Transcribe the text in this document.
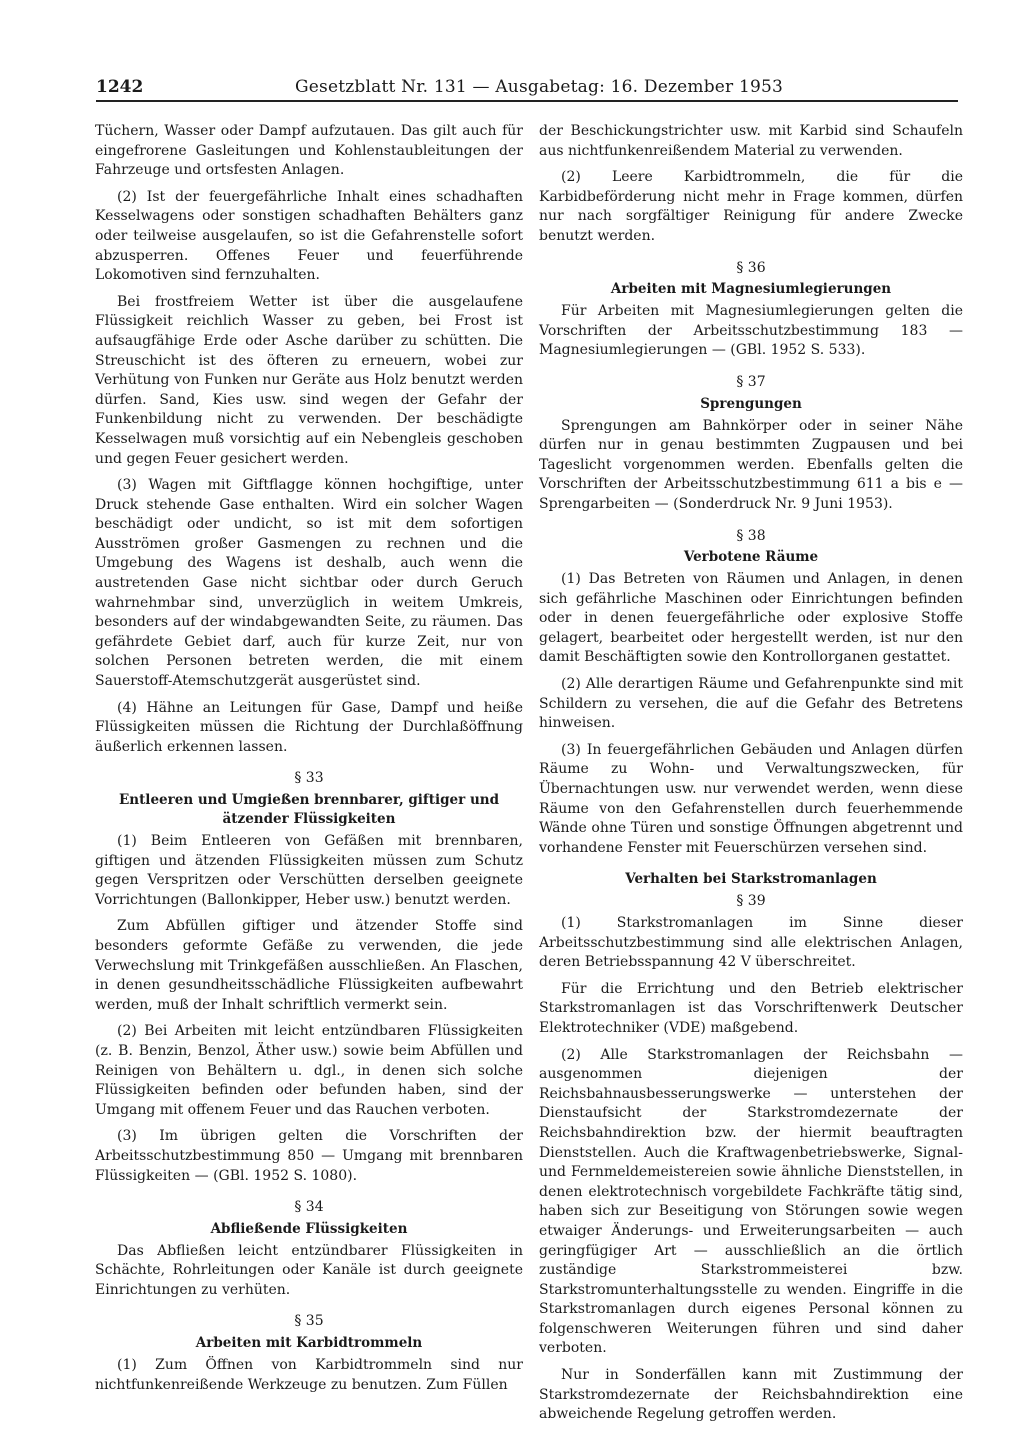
1242	Gesetzblatt Nr. 131 — Ausgabetag: 16. Dezember 1953

Tüchern, Wasser oder Dampf aufzutauen. Das gilt auch für eingefrorene Gasleitungen und Kohlenstaubleitungen der Fahrzeuge und ortsfesten Anlagen.

(2) Ist der feuergefährliche Inhalt eines schadhaften Kesselwagens oder sonstigen schadhaften Behälters ganz oder teilweise ausgelaufen, so ist die Gefahrenstelle sofort abzusperren. Offenes Feuer und feuerführende Lokomotiven sind fernzuhalten.

Bei frostfreiem Wetter ist über die ausgelaufene Flüssigkeit reichlich Wasser zu geben, bei Frost ist aufsaugfähige Erde oder Asche darüber zu schütten. Die Streuschicht ist des öfteren zu erneuern, wobei zur Verhütung von Funken nur Geräte aus Holz benutzt werden dürfen. Sand, Kies usw. sind wegen der Gefahr der Funkenbildung nicht zu verwenden. Der beschädigte Kesselwagen muß vorsichtig auf ein Nebengleis geschoben und gegen Feuer gesichert werden.

(3) Wagen mit Giftflagge können hochgiftige, unter Druck stehende Gase enthalten. Wird ein solcher Wagen beschädigt oder undicht, so ist mit dem sofortigen Ausströmen großer Gasmengen zu rechnen und die Umgebung des Wagens ist deshalb, auch wenn die austretenden Gase nicht sichtbar oder durch Geruch wahrnehmbar sind, unverzüglich in weitem Umkreis, besonders auf der windabgewandten Seite, zu räumen. Das gefährdete Gebiet darf, auch für kurze Zeit, nur von solchen Personen betreten werden, die mit einem Sauerstoff-Atemschutzgerät ausgerüstet sind.

(4) Hähne an Leitungen für Gase, Dampf und heiße Flüssigkeiten müssen die Richtung der Durchlaßöffnung äußerlich erkennen lassen.

§ 33
Entleeren und Umgießen brennbarer, giftiger und ätzender Flüssigkeiten

(1) Beim Entleeren von Gefäßen mit brennbaren, giftigen und ätzenden Flüssigkeiten müssen zum Schutz gegen Verspritzen oder Verschütten derselben geeignete Vorrichtungen (Ballonkipper, Heber usw.) benutzt werden.

Zum Abfüllen giftiger und ätzender Stoffe sind besonders geformte Gefäße zu verwenden, die jede Verwechslung mit Trinkgefäßen ausschließen. An Flaschen, in denen gesundheitsschädliche Flüssigkeiten aufbewahrt werden, muß der Inhalt schriftlich vermerkt sein.

(2) Bei Arbeiten mit leicht entzündbaren Flüssigkeiten (z. B. Benzin, Benzol, Äther usw.) sowie beim Abfüllen und Reinigen von Behältern u. dgl., in denen sich solche Flüssigkeiten befinden oder befunden haben, sind der Umgang mit offenem Feuer und das Rauchen verboten.

(3) Im übrigen gelten die Vorschriften der Arbeitsschutzbestimmung 850 — Umgang mit brennbaren Flüssigkeiten — (GBl. 1952 S. 1080).

§ 34
Abfließende Flüssigkeiten

Das Abfließen leicht entzündbarer Flüssigkeiten in Schächte, Rohrleitungen oder Kanäle ist durch geeignete Einrichtungen zu verhüten.

§ 35
Arbeiten mit Karbidtrommeln

(1) Zum Öffnen von Karbidtrommeln sind nur nichtfunkenreißende Werkzeuge zu benutzen. Zum Füllen

der Beschickungstrichter usw. mit Karbid sind Schaufeln aus nichtfunkenreißendem Material zu verwenden.

(2) Leere Karbidtrommeln, die für die Karbidbeförderung nicht mehr in Frage kommen, dürfen nur nach sorgfältiger Reinigung für andere Zwecke benutzt werden.

§ 36
Arbeiten mit Magnesiumlegierungen

Für Arbeiten mit Magnesiumlegierungen gelten die Vorschriften der Arbeitsschutzbestimmung 183 — Magnesiumlegierungen — (GBl. 1952 S. 533).

§ 37
Sprengungen

Sprengungen am Bahnkörper oder in seiner Nähe dürfen nur in genau bestimmten Zugpausen und bei Tageslicht vorgenommen werden. Ebenfalls gelten die Vorschriften der Arbeitsschutzbestimmung 611 a bis e — Sprengarbeiten — (Sonderdruck Nr. 9 Juni 1953).

§ 38
Verbotene Räume

(1) Das Betreten von Räumen und Anlagen, in denen sich gefährliche Maschinen oder Einrichtungen befinden oder in denen feuergefährliche oder explosive Stoffe gelagert, bearbeitet oder hergestellt werden, ist nur den damit Beschäftigten sowie den Kontrollorganen gestattet.

(2) Alle derartigen Räume und Gefahrenpunkte sind mit Schildern zu versehen, die auf die Gefahr des Betretens hinweisen.

(3) In feuergefährlichen Gebäuden und Anlagen dürfen Räume zu Wohn- und Verwaltungszwecken, für Übernachtungen usw. nur verwendet werden, wenn diese Räume von den Gefahrenstellen durch feuerhemmende Wände ohne Türen und sonstige Öffnungen abgetrennt und vorhandene Fenster mit Feuerschürzen versehen sind.

Verhalten bei Starkstromanlagen
§ 39

(1) Starkstromanlagen im Sinne dieser Arbeitsschutzbestimmung sind alle elektrischen Anlagen, deren Betriebsspannung 42 V überschreitet.

Für die Errichtung und den Betrieb elektrischer Starkstromanlagen ist das Vorschriftenwerk Deutscher Elektrotechniker (VDE) maßgebend.

(2) Alle Starkstromanlagen der Reichsbahn — ausgenommen diejenigen der Reichsbahnausbesserungswerke — unterstehen der Dienstaufsicht der Starkstromdezernate der Reichsbahndirektion bzw. der hiermit beauftragten Dienststellen. Auch die Kraftwagenbetriebswerke, Signal- und Fernmeldemeistereien sowie ähnliche Dienststellen, in denen elektrotechnisch vorgebildete Fachkräfte tätig sind, haben sich zur Beseitigung von Störungen sowie wegen etwaiger Änderungs- und Erweiterungsarbeiten — auch geringfügiger Art — ausschließlich an die örtlich zuständige Starkstrommeisterei bzw. Starkstromunterhaltungsstelle zu wenden. Eingriffe in die Starkstromanlagen durch eigenes Personal können zu folgenschweren Weiterungen führen und sind daher verboten.

Nur in Sonderfällen kann mit Zustimmung der Starkstromdezernate der Reichsbahndirektion eine abweichende Regelung getroffen werden.
